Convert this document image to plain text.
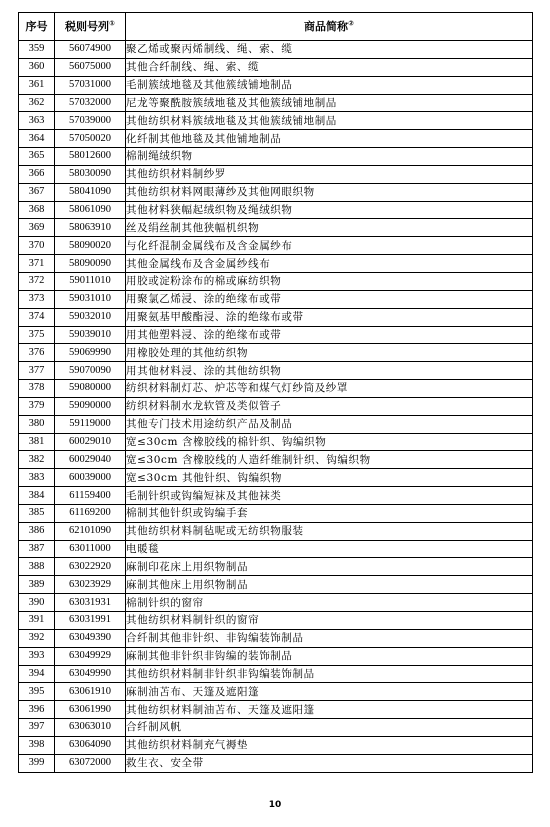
序号	税则号列①	商品简称②
359	56074900	聚乙烯或聚丙烯制线、绳、索、缆
360	56075000	其他合纤制线、绳、索、缆
361	57031000	毛制簇绒地毯及其他簇绒铺地制品
362	57032000	尼龙等聚酰胺簇绒地毯及其他簇绒铺地制品
363	57039000	其他纺织材料簇绒地毯及其他簇绒铺地制品
364	57050020	化纤制其他地毯及其他铺地制品
365	58012600	棉制绳绒织物
366	58030090	其他纺织材料制纱罗
367	58041090	其他纺织材料网眼薄纱及其他网眼织物
368	58061090	其他材料狭幅起绒织物及绳绒织物
369	58063910	丝及绢丝制其他狭幅机织物
370	58090020	与化纤混制金属线布及含金属纱布
371	58090090	其他金属线布及含金属纱线布
372	59011010	用胶或淀粉涂布的棉或麻纺织物
373	59031010	用聚氯乙烯浸、涂的绝缘布或带
374	59032010	用聚氨基甲酸酯浸、涂的绝缘布或带
375	59039010	用其他塑料浸、涂的绝缘布或带
376	59069990	用橡胶处理的其他纺织物
377	59070090	用其他材料浸、涂的其他纺织物
378	59080000	纺织材料制灯芯、炉芯等和煤气灯纱筒及纱罩
379	59090000	纺织材料制水龙软管及类似管子
380	59119000	其他专门技术用途纺织产品及制品
381	60029010	宽≤30cm 含橡胶线的棉针织、钩编织物
382	60029040	宽≤30cm 含橡胶线的人造纤维制针织、钩编织物
383	60039000	宽≤30cm 其他针织、钩编织物
384	61159400	毛制针织或钩编短袜及其他袜类
385	61169200	棉制其他针织或钩编手套
386	62101090	其他纺织材料制毡呢或无纺织物服装
387	63011000	电暖毯
388	63022920	麻制印花床上用织物制品
389	63023929	麻制其他床上用织物制品
390	63031931	棉制针织的窗帘
391	63031991	其他纺织材料制针织的窗帘
392	63049390	合纤制其他非针织、非钩编装饰制品
393	63049929	麻制其他非针织非钩编的装饰制品
394	63049990	其他纺织材料制非针织非钩编装饰制品
395	63061910	麻制油苫布、天篷及遮阳篷
396	63061990	其他纺织材料制油苫布、天篷及遮阳篷
397	63063010	合纤制风帆
398	63064090	其他纺织材料制充气褥垫
399	63072000	救生衣、安全带
10
